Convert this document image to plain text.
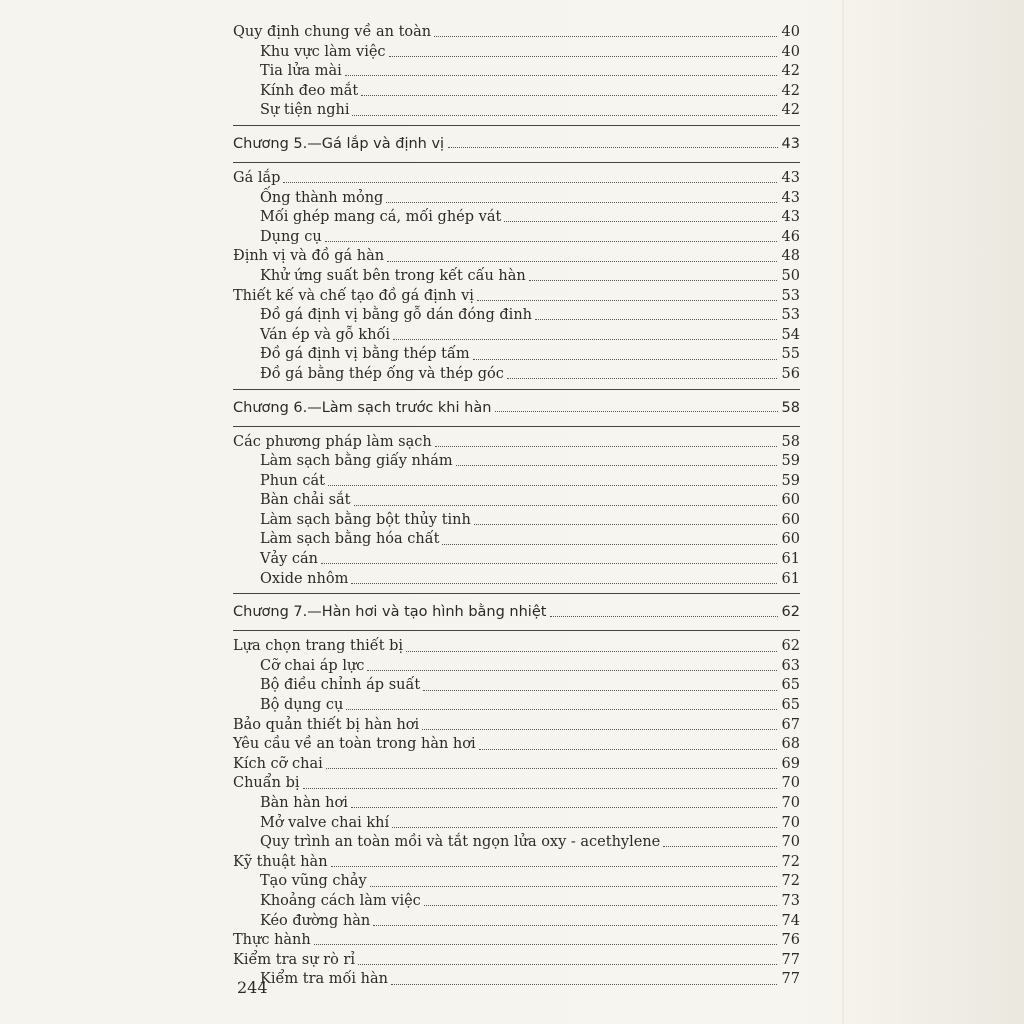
Quy định chung về an toàn	40
Khu vực làm việc	40
Tia lửa mài	42
Kính đeo mắt	42
Sự tiện nghi	42
Chương 5.—Gá lắp và định vị	43
Gá lắp	43
Ống thành mỏng	43
Mối ghép mang cá, mối ghép vát	43
Dụng cụ	46
Định vị và đồ gá hàn	48
Khử ứng suất bên trong kết cấu hàn	50
Thiết kế và chế tạo đồ gá định vị	53
Đồ gá định vị bằng gỗ dán đóng đinh	53
Ván ép và gỗ khối	54
Đồ gá định vị bằng thép tấm	55
Đồ gá bằng thép ống và thép góc	56
Chương 6.—Làm sạch trước khi hàn	58
Các phương pháp làm sạch	58
Làm sạch bằng giấy nhám	59
Phun cát	59
Bàn chải sắt	60
Làm sạch bằng bột thủy tinh	60
Làm sạch bằng hóa chất	60
Vảy cán	61
Oxide nhôm	61
Chương 7.—Hàn hơi và tạo hình bằng nhiệt	62
Lựa chọn trang thiết bị	62
Cỡ chai áp lực	63
Bộ điều chỉnh áp suất	65
Bộ dụng cụ	65
Bảo quản thiết bị hàn hơi	67
Yêu cầu về an toàn trong hàn hơi	68
Kích cỡ chai	69
Chuẩn bị	70
Bàn hàn hơi	70
Mở valve chai khí	70
Quy trình an toàn mồi và tắt ngọn lửa oxy - acethylene	70
Kỹ thuật hàn	72
Tạo vũng chảy	72
Khoảng cách làm việc	73
Kéo đường hàn	74
Thực hành	76
Kiểm tra sự rò rỉ	77
Kiểm tra mối hàn	77
244
